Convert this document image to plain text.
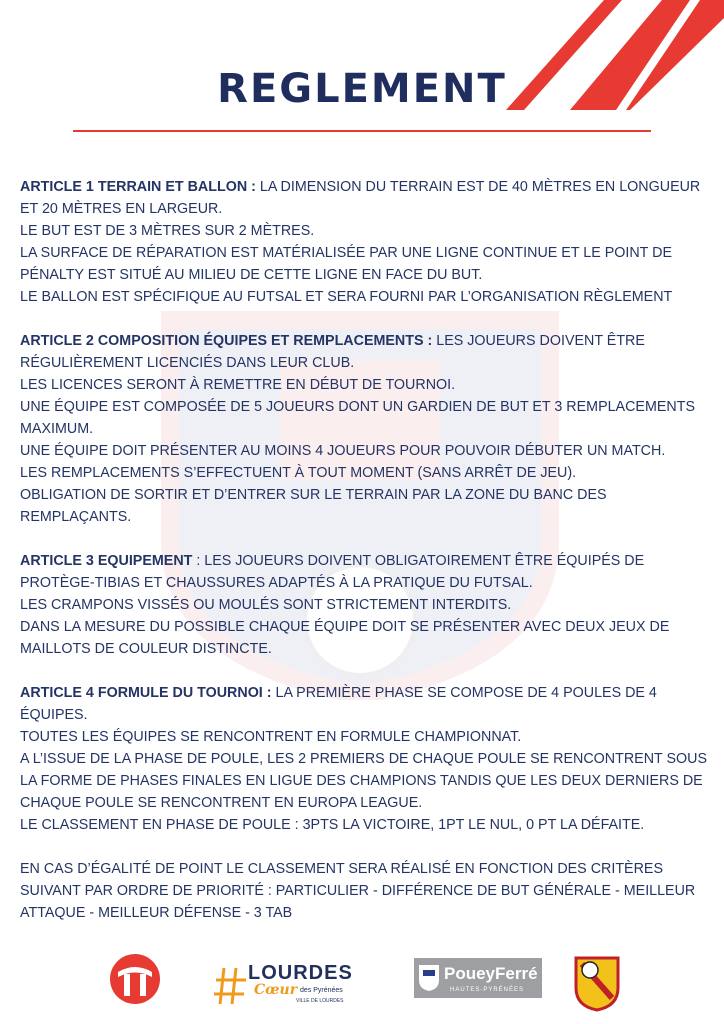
REGLEMENT

ARTICLE 1 TERRAIN ET BALLON : LA DIMENSION DU TERRAIN EST DE 40 MÈTRES EN LONGUEUR ET 20 MÈTRES EN LARGEUR.

LE BUT EST DE 3 MÈTRES SUR 2 MÈTRES.

LA SURFACE DE RÉPARATION EST MATÉRIALISÉE PAR UNE LIGNE CONTINUE ET LE POINT DE PÉNALTY EST SITUÉ AU MILIEU DE CETTE LIGNE EN FACE DU BUT.

LE BALLON EST SPÉCIFIQUE AU FUTSAL ET SERA FOURNI PAR L’ORGANISATION RÈGLEMENT

ARTICLE 2 COMPOSITION ÉQUIPES ET REMPLACEMENTS : LES JOUEURS DOIVENT ÊTRE RÉGULIÈREMENT LICENCIÉS DANS LEUR CLUB.

LES LICENCES SERONT À REMETTRE EN DÉBUT DE TOURNOI.

UNE ÉQUIPE EST COMPOSÉE DE 5 JOUEURS DONT UN GARDIEN DE BUT ET 3 REMPLACEMENTS MAXIMUM.

UNE ÉQUIPE DOIT PRÉSENTER AU MOINS 4 JOUEURS POUR POUVOIR DÉBUTER UN MATCH.

LES REMPLACEMENTS S’EFFECTUENT À TOUT MOMENT (SANS ARRÊT DE JEU).

OBLIGATION DE SORTIR ET D’ENTRER SUR LE TERRAIN PAR LA ZONE DU BANC DES REMPLAÇANTS.

ARTICLE 3 EQUIPEMENT : LES JOUEURS DOIVENT OBLIGATOIREMENT ÊTRE ÉQUIPÉS DE PROTÈGE-TIBIAS ET CHAUSSURES ADAPTÉS À LA PRATIQUE DU FUTSAL.

LES CRAMPONS VISSÉS OU MOULÉS SONT STRICTEMENT INTERDITS.

DANS LA MESURE DU POSSIBLE CHAQUE ÉQUIPE DOIT SE PRÉSENTER AVEC DEUX JEUX DE MAILLOTS DE COULEUR DISTINCTE.

ARTICLE 4 FORMULE DU TOURNOI : LA PREMIÈRE PHASE SE COMPOSE DE 4 POULES DE 4 ÉQUIPES.

TOUTES LES ÉQUIPES SE RENCONTRENT EN FORMULE CHAMPIONNAT.

A L’ISSUE DE LA PHASE DE POULE, LES 2 PREMIERS DE CHAQUE POULE SE RENCONTRENT SOUS LA FORME DE PHASES FINALES EN LIGUE DES CHAMPIONS TANDIS QUE LES DEUX DERNIERS DE CHAQUE POULE SE RENCONTRENT EN EUROPA LEAGUE.

LE CLASSEMENT EN PHASE DE POULE : 3PTS LA VICTOIRE, 1PT LE NUL, 0 PT LA DÉFAITE.

EN CAS D’ÉGALITÉ DE POINT LE CLASSEMENT SERA RÉALISÉ EN FONCTION DES CRITÈRES SUIVANT PAR ORDRE DE PRIORITÉ : PARTICULIER - DIFFÉRENCE DE BUT GÉNÉRALE - MEILLEUR ATTAQUE - MEILLEUR DÉFENSE - 3 TAB

LOURDES
Cœur des Pyrénées
VILLE DE LOURDES
PoueyFerré
HAUTES-PYRÉNÉES
